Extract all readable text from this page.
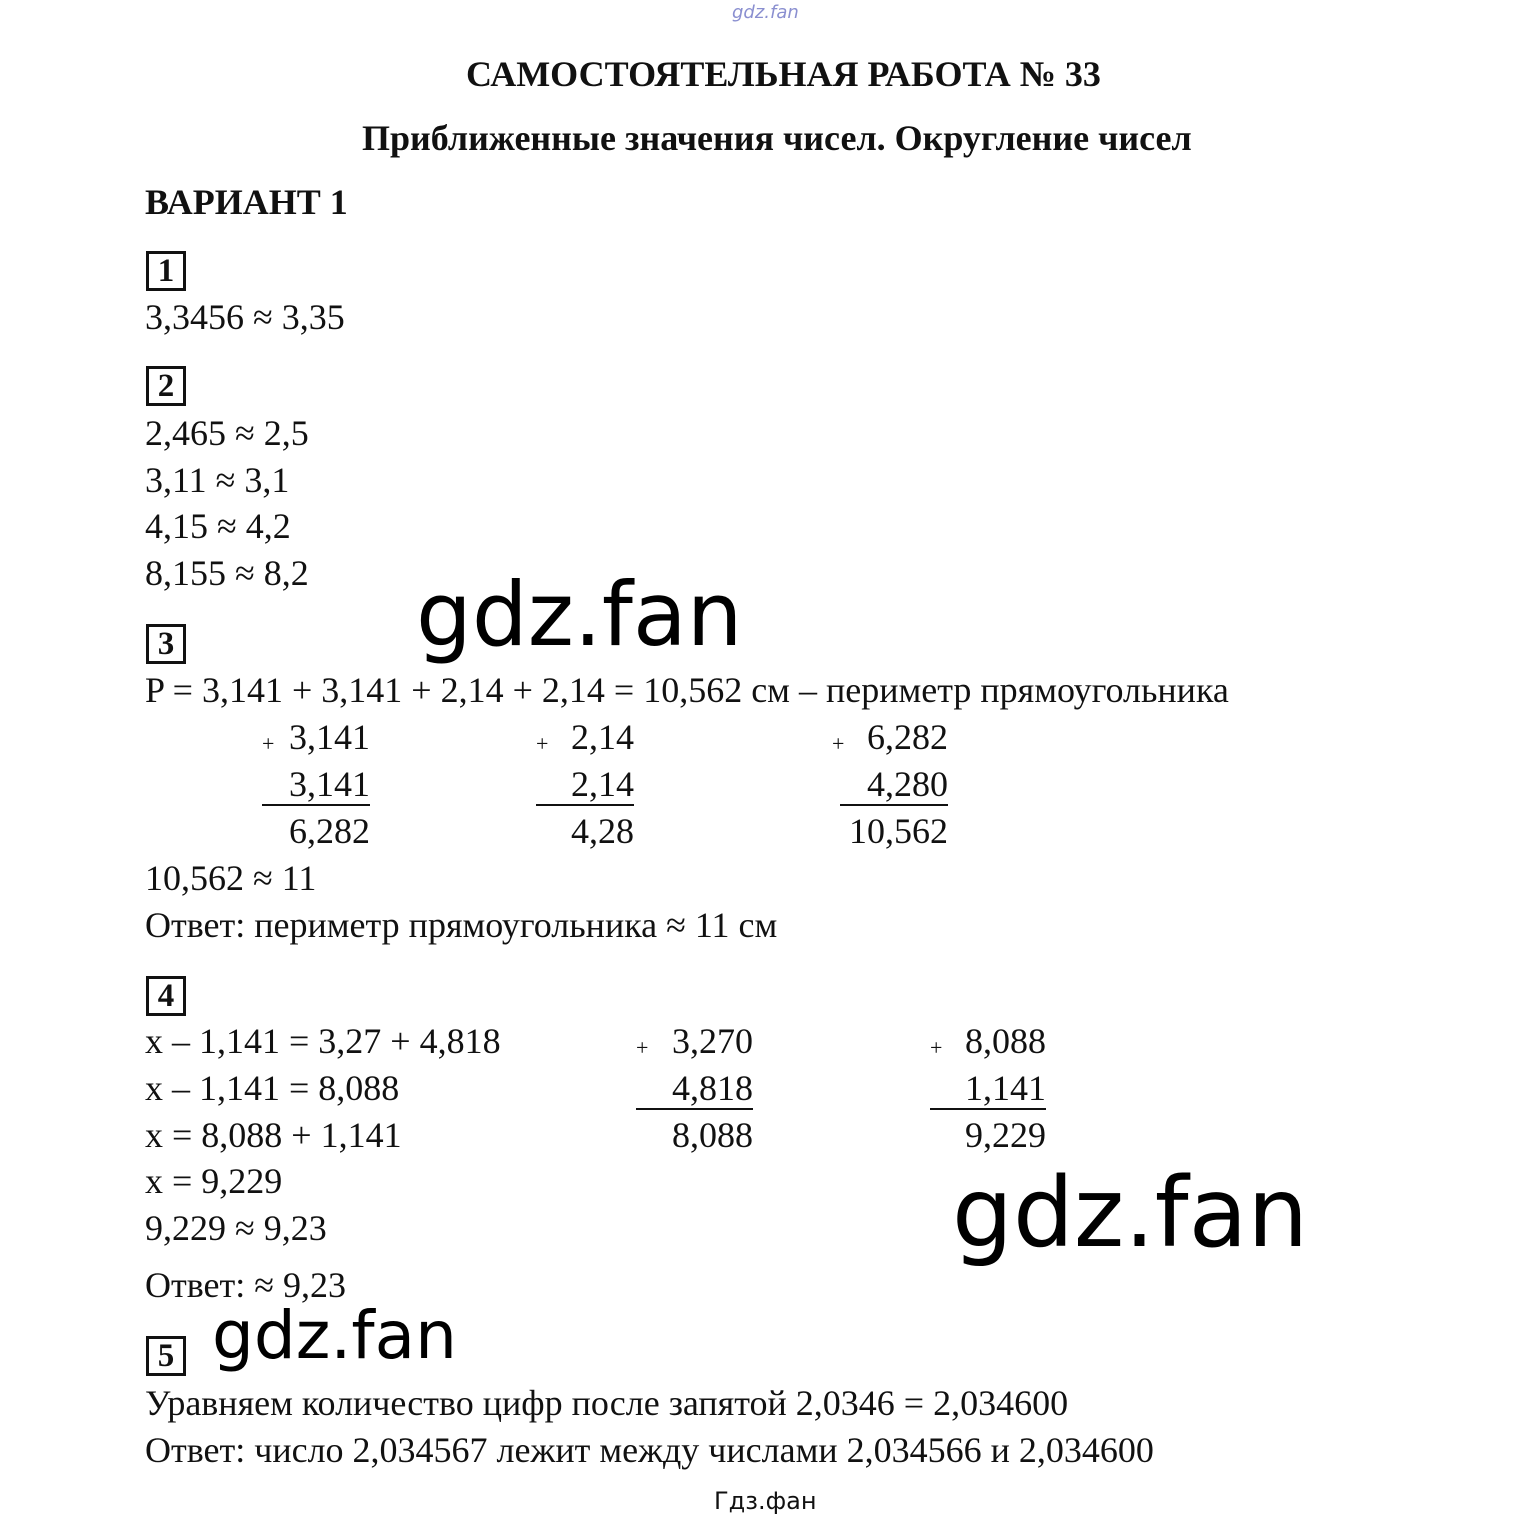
gdz.fan
САМОСТОЯТЕЛЬНАЯ РАБОТА № 33
Приближенные значения чисел. Округление чисел
ВАРИАНТ 1
1
3,3456 ≈ 3,35
2
2,465 ≈ 2,5
3,11 ≈ 3,1
4,15 ≈ 4,2
8,155 ≈ 8,2 gdz.fan
3
P = 3,141 + 3,141 + 2,14 + 2,14 = 10,562 см – периметр прямоугольника
+ 3,141
3,141
6,282
+ 2,14
2,14
4,28
+ 6,282
4,280
10,562
10,562 ≈ 11
Ответ: периметр прямоугольника ≈ 11 см
4
x – 1,141 = 3,27 + 4,818
x – 1,141 = 8,088
x = 8,088 + 1,141
x = 9,229
9,229 ≈ 9,23
+ 3,270
4,818
8,088
+ 8,088
1,141
9,229
gdz.fan
Ответ: ≈ 9,23
5 gdz.fan
Уравняем количество цифр после запятой 2,0346 = 2,034600
Ответ: число 2,034567 лежит между числами 2,034566 и 2,034600
Гдз.фан
